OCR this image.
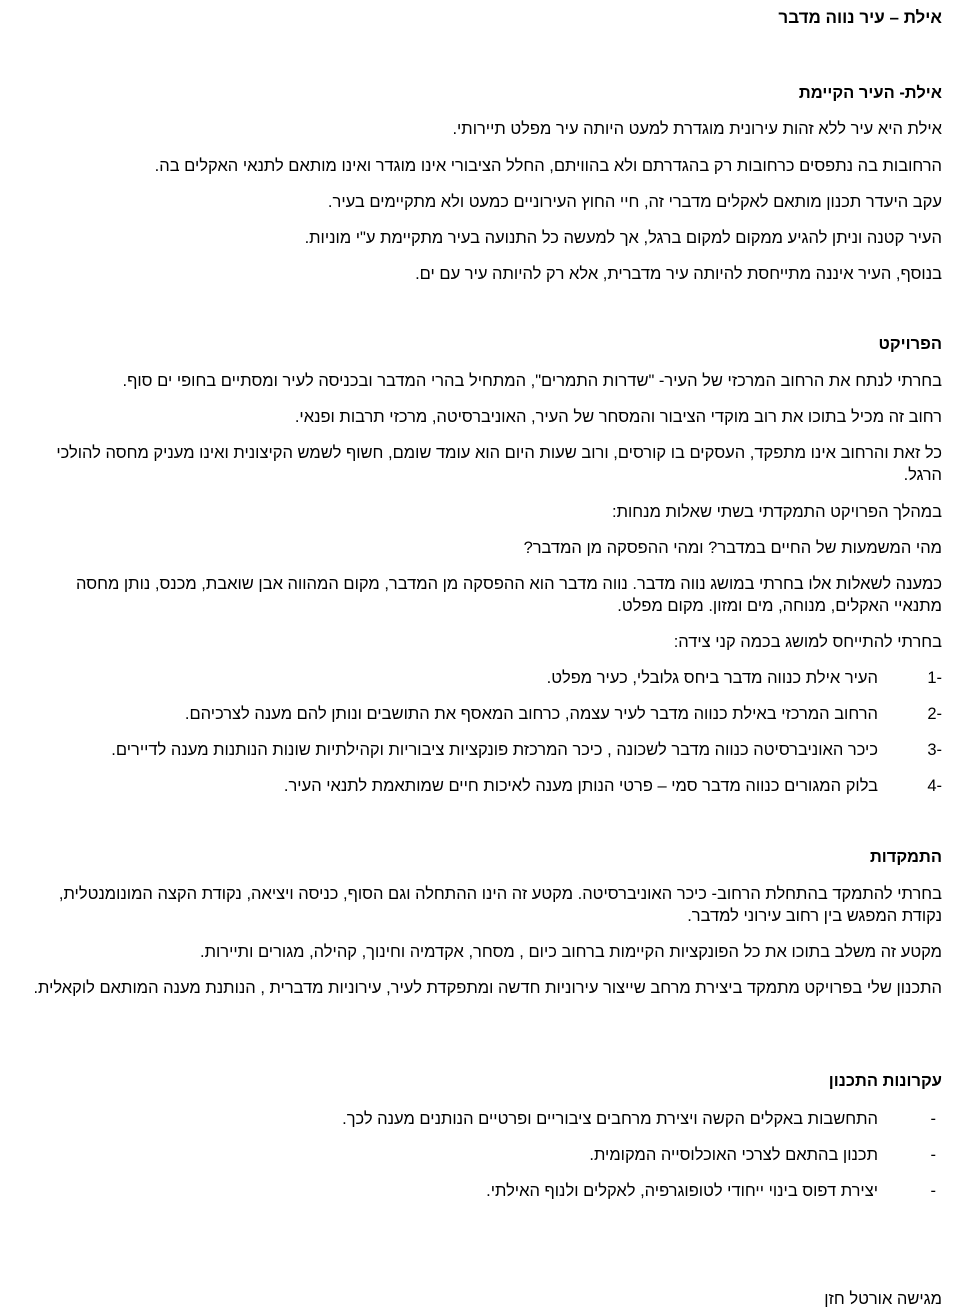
אילת – עיר נווה מדבר
אילת- העיר הקיימת

אילת היא עיר ללא זהות עירונית מוגדרת למעט היותה עיר מפלט תיירותי.

הרחובות בה נתפסים כרחובות רק בהגדרתם ולא בהוויתם, החלל הציבורי אינו מוגדר ואינו מותאם לתנאי האקלים בה.

עקב היעדר תכנון מותאם לאקלים מדברי זה, חיי החוץ העירוניים כמעט ולא מתקיימים בעיר.

העיר קטנה וניתן להגיע ממקום למקום ברגל, אך למעשה כל התנועה בעיר מתקיימת ע"י מוניות.

בנוסף, העיר איננה מתייחסת להיותה עיר מדברית, אלא רק להיותה עיר עם ים.

הפרויקט

בחרתי לנתח את הרחוב המרכזי של העיר- "שדרות התמרים", המתחיל בהרי המדבר ובכניסה לעיר ומסתיים בחופי ים סוף.

רחוב זה מכיל בתוכו את רוב מוקדי הציבור והמסחר של העיר, האוניברסיטה, מרכזי תרבות ופנאי.

כל זאת והרחוב אינו מתפקד, העסקים בו קורסים, ורוב שעות היום הוא עומד שומם, חשוף לשמש הקיצונית ואינו מעניק מחסה להולכי הרגל.

במהלך הפרויקט התמקדתי בשתי שאלות מנחות:

מהי המשמעות של החיים במדבר? ומהי ההפסקה מן המדבר?

כמענה לשאלות אלו בחרתי במושג נווה מדבר. נווה מדבר הוא ההפסקה מן המדבר, מקום המהווה אבן שואבת, מכנס, נותן מחסה מתנאיי האקלים, מנוחה, מים ומזון. מקום מפלט.

בחרתי להתייחס למושג בכמה קני צידה:

1-
העיר אילת כנווה מדבר ביחס גלובלי, כעיר מפלט.
2-
הרחוב המרכזי באילת כנווה מדבר לעיר עצמה, כרחוב המאסף את התושבים ונותן להם מענה לצרכיהם.
3-
כיכר האוניברסיטה כנווה מדבר לשכונה , כיכר המרכזת פונקציות ציבוריות וקהילתיות שונות הנותנות מענה לדיירים.
4-
בלוק המגורים כנווה מדבר סמי – פרטי הנותן מענה לאיכות חיים שמותאמת לתנאי העיר.
התמקדות

בחרתי להתמקד בהתחלת הרחוב- כיכר האוניברסיטה. מקטע זה הינו ההתחלה וגם הסוף, כניסה ויציאה, נקודת הקצה המונומנטלית, נקודת המפגש בין רחוב עירוני למדבר.

מקטע זה משלב בתוכו את כל הפונקציות הקיימות ברחוב כיום , מסחר, אקדמיה וחינוך, קהילה, מגורים ותיירות.

התכנון שלי בפרויקט מתמקד ביצירת מרחב שייצור עירוניות חדשה ומתפקדת לעיר, עירוניות מדברית , הנותנת מענה המותאם לוקאלית.

עקרונות התכנון
-
התחשבות באקלים הקשה ויצירת מרחבים ציבוריים ופרטיים הנותנים מענה לכך.
-
תכנון בהתאם לצרכי האוכלוסייה המקומית.
-
יצירת דפוס בינוי ייחודי לטופוגרפיה, לאקלים ולנוף האילתי.

מגישה אורטל חזן
